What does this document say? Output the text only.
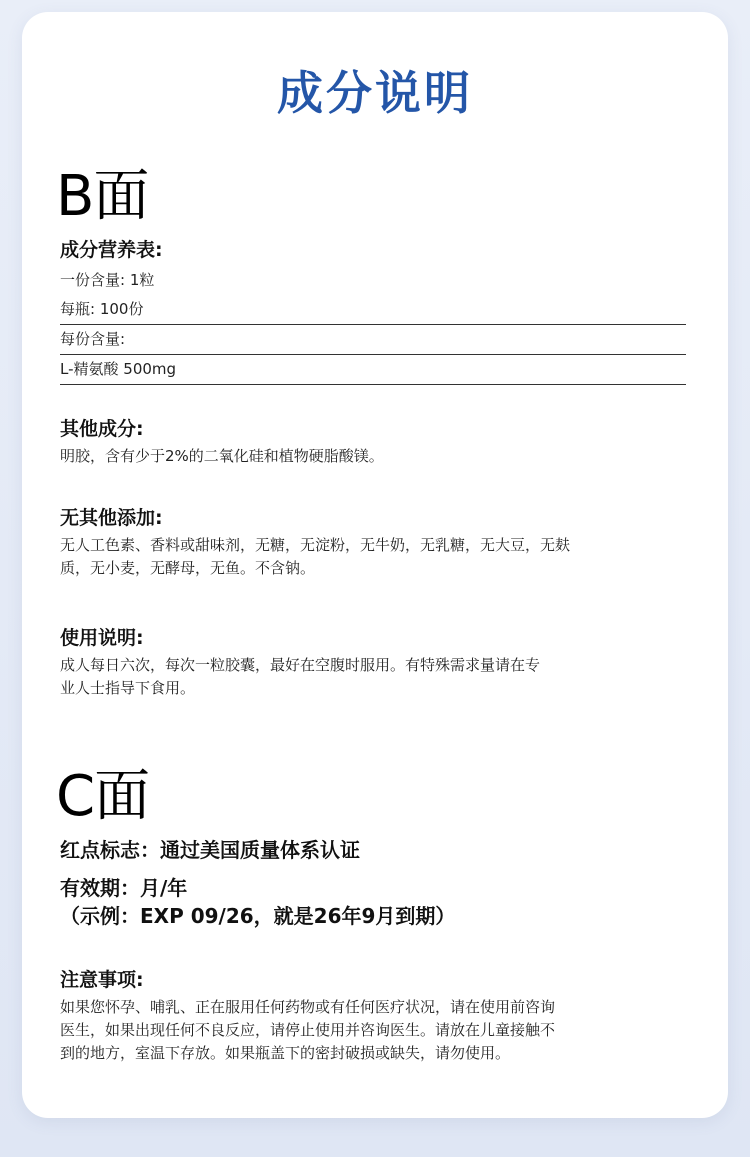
成分说明
B面
成分营养表:
一份含量: 1粒
每瓶: 100份
每份含量:
L-精氨酸 500mg
其他成分:
明胶，含有少于2%的二氧化硅和植物硬脂酸镁。
无其他添加:
无人工色素、香料或甜味剂，无糖，无淀粉，无牛奶，无乳糖，无大豆，无麸
质，无小麦，无酵母，无鱼。不含钠。
使用说明:
成人每日六次，每次一粒胶囊，最好在空腹时服用。有特殊需求量请在专
业人士指导下食用。
C面
红点标志：通过美国质量体系认证
有效期：月/年
（示例：EXP 09/26，就是26年9月到期）
注意事项:
如果您怀孕、哺乳、正在服用任何药物或有任何医疗状况，请在使用前咨询
医生，如果出现任何不良反应，请停止使用并咨询医生。请放在儿童接触不
到的地方，室温下存放。如果瓶盖下的密封破损或缺失，请勿使用。
